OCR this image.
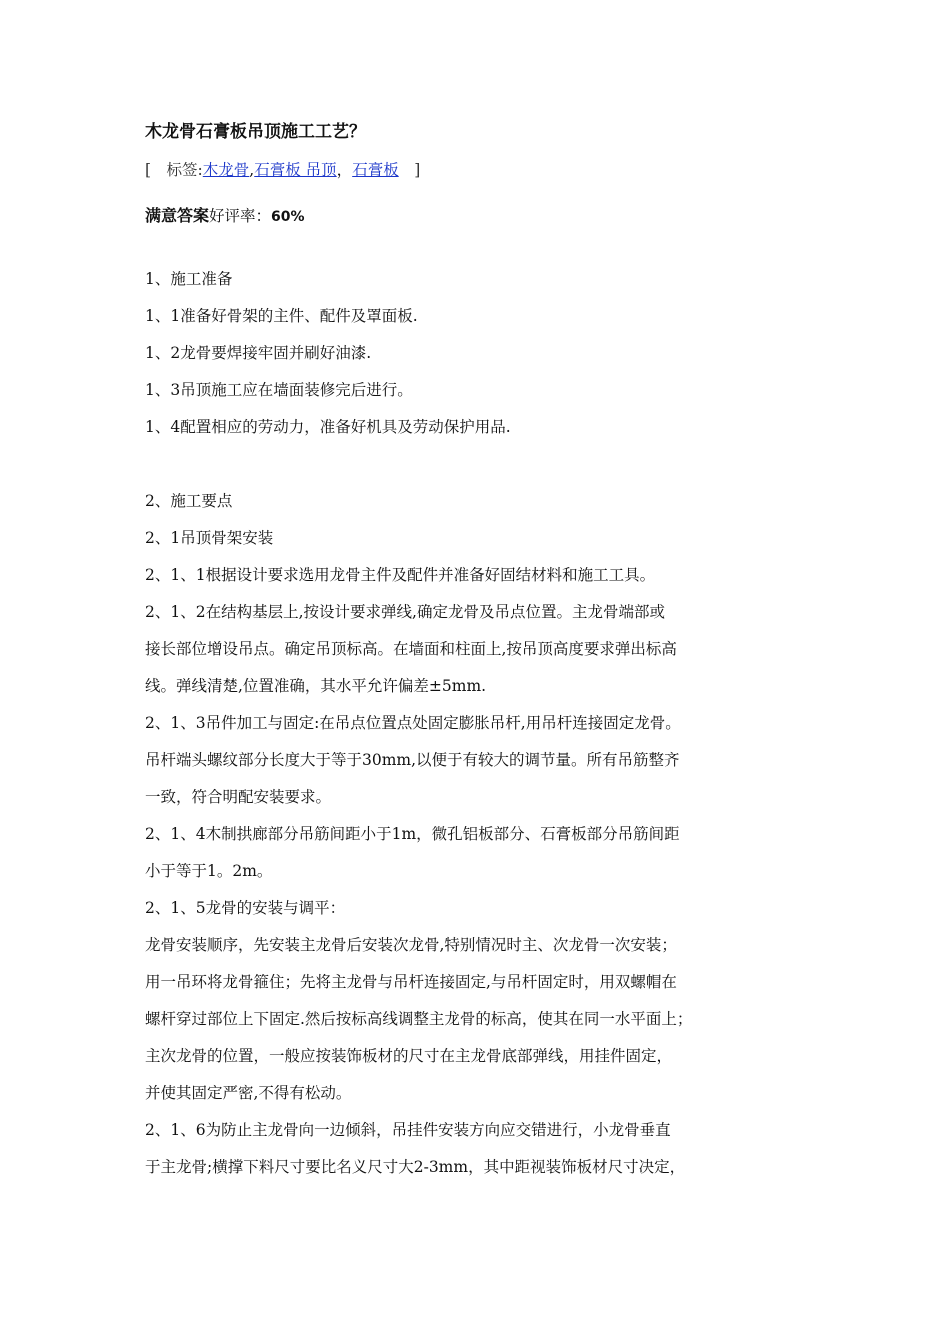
木龙骨石膏板吊顶施工工艺？
[　标签:木龙骨,石膏板 吊顶，石膏板　]
满意答案好评率：60%
1、施工准备
1、1准备好骨架的主件、配件及罩面板.
1、2龙骨要焊接牢固并刷好油漆.
1、3吊顶施工应在墙面装修完后进行。
1、4配置相应的劳动力，准备好机具及劳动保护用品.
2、施工要点
2、1吊顶骨架安装
2、1、1根据设计要求选用龙骨主件及配件并准备好固结材料和施工工具。
2、1、2在结构基层上,按设计要求弹线,确定龙骨及吊点位置。主龙骨端部或
接长部位增设吊点。确定吊顶标高。在墙面和柱面上,按吊顶高度要求弹出标高
线。弹线清楚,位置准确，其水平允许偏差±5mm.
2、1、3吊件加工与固定:在吊点位置点处固定膨胀吊杆,用吊杆连接固定龙骨。
吊杆端头螺纹部分长度大于等于30mm,以便于有较大的调节量。所有吊筋整齐
一致，符合明配安装要求。
2、1、4木制拱廊部分吊筋间距小于1m，微孔铝板部分、石膏板部分吊筋间距
小于等于1。2m。
2、1、5龙骨的安装与调平：
龙骨安装顺序，先安装主龙骨后安装次龙骨,特别情况时主、次龙骨一次安装；
用一吊环将龙骨箍住；先将主龙骨与吊杆连接固定,与吊杆固定时，用双螺帽在
螺杆穿过部位上下固定.然后按标高线调整主龙骨的标高，使其在同一水平面上；
主次龙骨的位置，一般应按装饰板材的尺寸在主龙骨底部弹线，用挂件固定，
并使其固定严密,不得有松动。
2、1、6为防止主龙骨向一边倾斜，吊挂件安装方向应交错进行，小龙骨垂直
于主龙骨;横撑下料尺寸要比名义尺寸大2-3mm，其中距视装饰板材尺寸决定，
